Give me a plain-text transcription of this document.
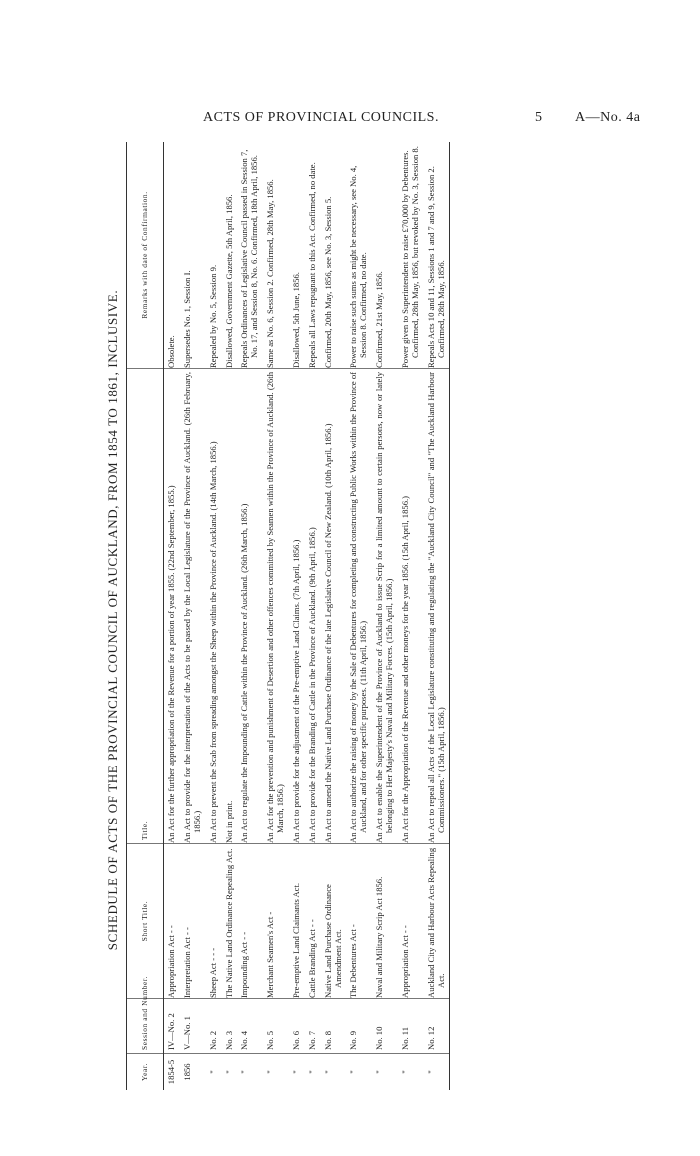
ACTS OF PROVINCIAL COUNCILS.	5 A—No. 4a
SCHEDULE OF ACTS OF THE PROVINCIAL COUNCIL OF AUCKLAND, FROM 1854 TO 1861, INCLUSIVE.
Year.	Session and Number.	Short Title.	Title.	Remarks with date of Confirmation.
1854-5	IV—No. 2	Appropriation Act - -	An Act for the further appropriation of the Revenue for a portion of year 1855. (22nd September, 1855.)	Obsolete.
1856	V—No. 1	Interpretation Act - -	An Act to provide for the interpretation of the Acts to be passed by the Local Legislature of the Province of Auckland. (26th February, 1856.)	Supersedes No. 1, Session I.
"	No. 2	Sheep Act - - -	An Act to prevent the Scab from spreading amongst the Sheep within the Province of Auckland. (14th March, 1856.)	Repealed by No. 5, Session 9.
"	No. 3	The Native Land Ordinance Repealing Act.	Not in print.	Disallowed, Government Gazette, 5th April, 1856.
"	No. 4	Impounding Act - -	An Act to regulate the Impounding of Cattle within the Province of Auckland. (26th March, 1856.)	Repeals Ordinances of Legislative Council passed in Session 7, No. 17, and Session 8, No. 6. Confirmed, 18th April, 1856.
"	No. 5	Merchant Seamen's Act -	An Act for the prevention and punishment of Desertion and other offences committed by Seamen within the Province of Auckland. (26th March, 1856.)	Same as No. 6, Session 2. Confirmed, 28th May, 1856.
"	No. 6	Pre-emptive Land Claimants Act.	An Act to provide for the adjustment of the Pre-emptive Land Claims. (7th April, 1856.)	Disallowed, 5th June, 1856.
"	No. 7	Cattle Branding Act - -	An Act to provide for the Branding of Cattle in the Province of Auckland. (9th April, 1856.)	Repeals all Laws repugnant to this Act. Confirmed, no date.
"	No. 8	Native Land Purchase Ordinance Amendment Act.	An Act to amend the Native Land Purchase Ordinance of the late Legislative Council of New Zealand. (10th April, 1856.)	Confirmed, 20th May, 1856, see No. 3, Session 5.
"	No. 9	The Debentures Act -	An Act to authorize the raising of money by the Sale of Debentures for completing and constructing Public Works within the Province of Auckland, and for other specific purposes. (11th April, 1856.)	Power to raise such sums as might be necessary, see No. 4, Session 8. Confirmed, no date.
"	No. 10	Naval and Military Scrip Act 1856.	An Act to enable the Superintendent of the Province of Auckland to issue Scrip for a limited amount to certain persons, now or lately belonging to Her Majesty's Naval and Military Forces. (15th April, 1856.)	Confirmed, 21st May, 1856.
"	No. 11	Appropriation Act - -	An Act for the Appropriation of the Revenue and other moneys for the year 1856. (15th April, 1856.)	Power given to Superintendent to raise £70,000 by Debentures. Confirmed, 28th May, 1856, but revoked by No. 3, Session 8.
"	No. 12	Auckland City and Harbour Acts Repealing Act.	An Act to repeal all Acts of the Local Legislature constituting and regulating the "Auckland City Council" and "The Auckland Harbour Commissioners." (15th April, 1856.)	Repeals Acts 10 and 11, Sessions 1 and 7 and 9, Session 2. Confirmed, 28th May, 1856.
